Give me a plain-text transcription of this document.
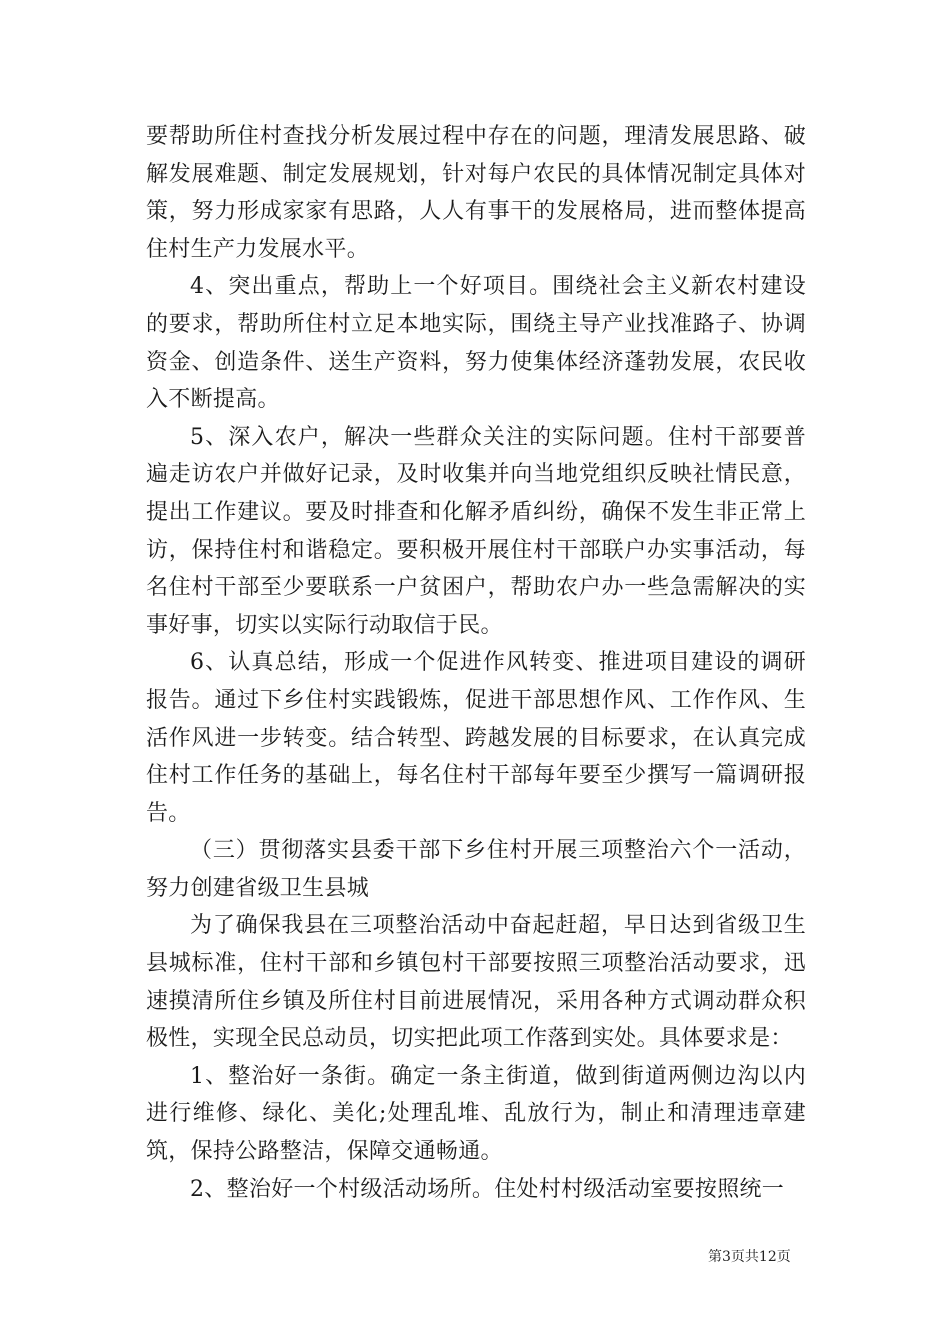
要帮助所住村查找分析发展过程中存在的问题，理清发展思路、破解发展难题、制定发展规划，针对每户农民的具体情况制定具体对策，努力形成家家有思路，人人有事干的发展格局，进而整体提高住村生产力发展水平。

4、突出重点，帮助上一个好项目。围绕社会主义新农村建设的要求，帮助所住村立足本地实际，围绕主导产业找准路子、协调资金、创造条件、送生产资料，努力使集体经济蓬勃发展，农民收入不断提高。

5、深入农户，解决一些群众关注的实际问题。住村干部要普遍走访农户并做好记录，及时收集并向当地党组织反映社情民意，提出工作建议。要及时排查和化解矛盾纠纷，确保不发生非正常上访，保持住村和谐稳定。要积极开展住村干部联户办实事活动，每名住村干部至少要联系一户贫困户，帮助农户办一些急需解决的实事好事，切实以实际行动取信于民。

6、认真总结，形成一个促进作风转变、推进项目建设的调研报告。通过下乡住村实践锻炼，促进干部思想作风、工作作风、生活作风进一步转变。结合转型、跨越发展的目标要求，在认真完成住村工作任务的基础上，每名住村干部每年要至少撰写一篇调研报告。

（三）贯彻落实县委干部下乡住村开展三项整治六个一活动，努力创建省级卫生县城

为了确保我县在三项整治活动中奋起赶超，早日达到省级卫生县城标准，住村干部和乡镇包村干部要按照三项整治活动要求，迅速摸清所住乡镇及所住村目前进展情况，采用各种方式调动群众积极性，实现全民总动员，切实把此项工作落到实处。具体要求是：

1、整治好一条街。确定一条主街道，做到街道两侧边沟以内进行维修、绿化、美化;处理乱堆、乱放行为，制止和清理违章建筑，保持公路整洁，保障交通畅通。

2、整治好一个村级活动场所。住处村村级活动室要按照统一

第3页共12页
